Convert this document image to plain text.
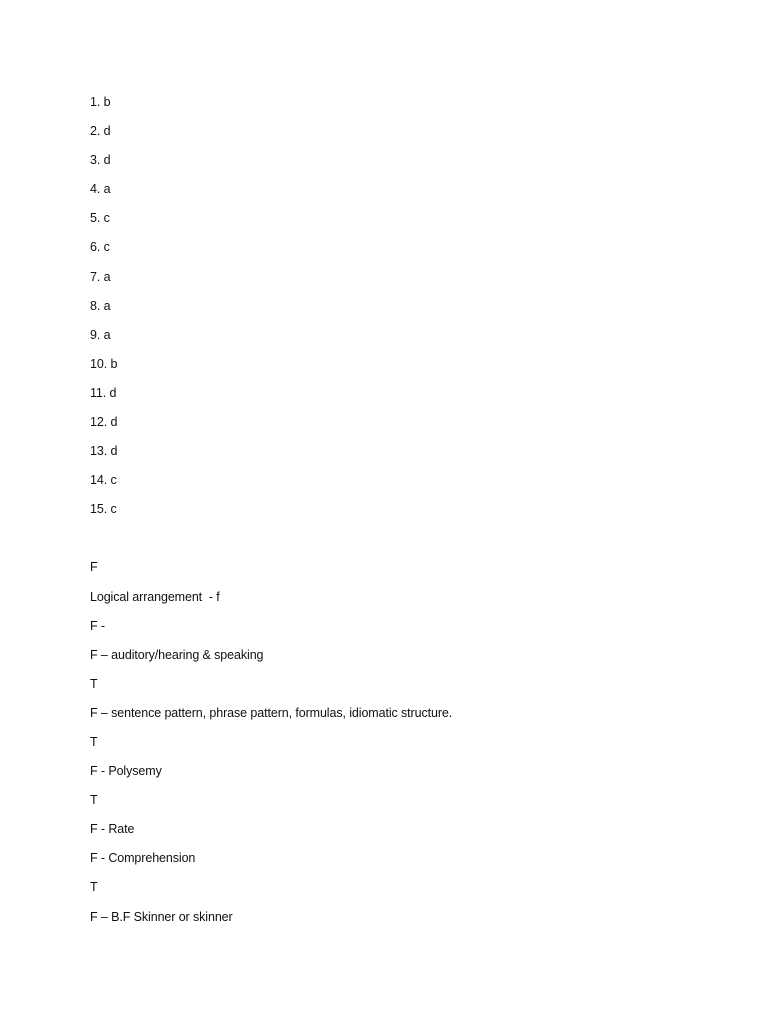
1. b
2. d
3. d
4. a
5. c
6. c
7. a
8. a
9. a
10. b
11. d
12. d
13. d
14. c
15. c
F
Logical arrangement  - f
F -
F – auditory/hearing & speaking
T
F – sentence pattern, phrase pattern, formulas, idiomatic structure.
T
F - Polysemy
T
F - Rate
F - Comprehension
T
F – B.F Skinner or skinner
